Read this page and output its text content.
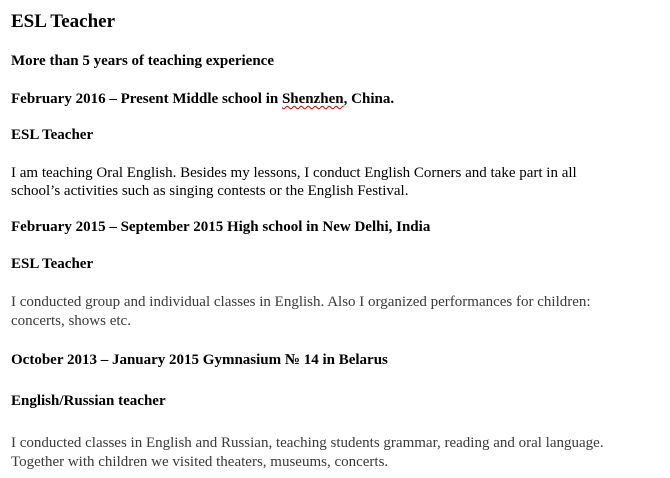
ESL Teacher
More than 5 years of teaching experience
February 2016 – Present Middle school in Shenzhen, China.
ESL Teacher
I am teaching Oral English. Besides my lessons, I conduct English Corners and take part in all
school’s activities such as singing contests or the English Festival.
February 2015 – September 2015 High school in New Delhi, India
ESL Teacher
I conducted group and individual classes in English. Also I organized performances for children:
concerts, shows etc.
October 2013 – January 2015 Gymnasium № 14 in Belarus
English/Russian teacher
I conducted classes in English and Russian, teaching students grammar, reading and oral language.
Together with children we visited theaters, museums, concerts.
